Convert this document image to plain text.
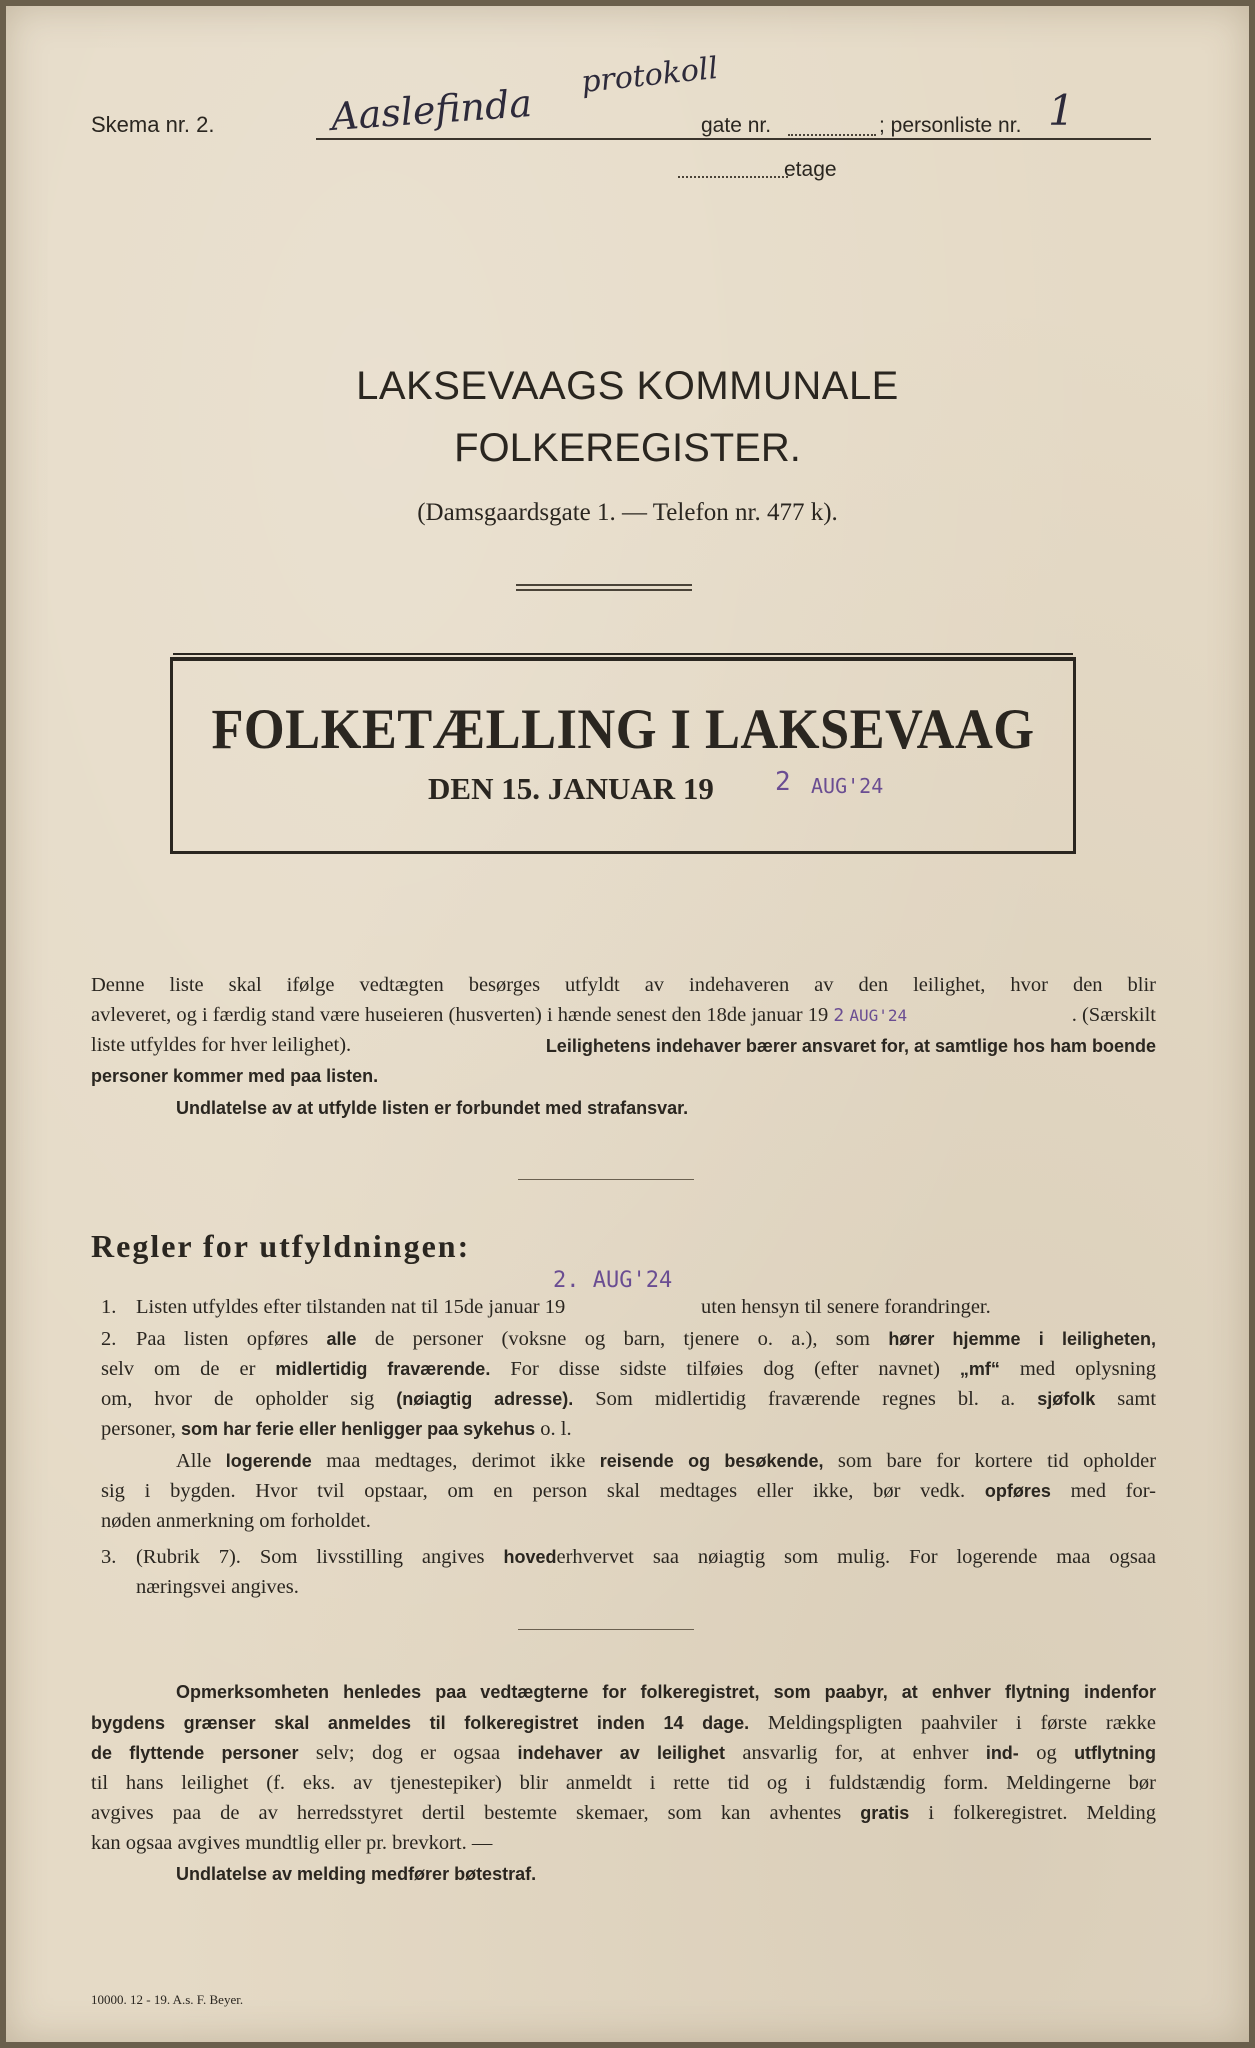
Skema nr. 2.	Aaslefinda
protokoll
gate nr.	; personliste nr. 1
etage
LAKSEVAAGS KOMMUNALE
FOLKEREGISTER.
(Damsgaardsgate 1. — Telefon nr. 477 k).
FOLKETÆLLING I LAKSEVAAG
DEN 15. JANUAR 19 2 AUG'24
Denne liste skal ifølge vedtægten besørges utfyldt av indehaveren av den leilighet, hvor den blir
avleveret, og i færdig stand være huseieren (husverten) i hænde senest den 18de januar 19 2 AUG'24	. (Særskilt
liste utfyldes for hver leilighet).	Leilighetens indehaver bærer ansvaret for, at samtlige hos ham boende
personer kommer med paa listen.
Undlatelse av at utfylde listen er forbundet med strafansvar.
Regler for utfyldningen:
2. AUG'24
1. Listen utfyldes efter tilstanden nat til 15de januar 19	uten hensyn til senere forandringer.
2. Paa listen opføres alle de personer (voksne og barn, tjenere o. a.), som hører hjemme i leiligheten,
selv om de er midlertidig fraværende. For disse sidste tilføies dog (efter navnet) „mf“ med oplysning
om, hvor de opholder sig (nøiagtig adresse). Som midlertidig fraværende regnes bl. a. sjøfolk samt
personer, som har ferie eller henligger paa sykehus o. l.
Alle logerende maa medtages, derimot ikke reisende og besøkende, som bare for kortere tid opholder
sig i bygden. Hvor tvil opstaar, om en person skal medtages eller ikke, bør vedk. opføres med for-
nøden anmerkning om forholdet.
3. (Rubrik 7). Som livsstilling angives hovederhvervet saa nøiagtig som mulig. For logerende maa ogsaa
næringsvei angives.
Opmerksomheten henledes paa vedtægterne for folkeregistret, som paabyr, at enhver flytning indenfor
bygdens grænser skal anmeldes til folkeregistret inden 14 dage. Meldingspligten paahviler i første række
de flyttende personer selv; dog er ogsaa indehaver av leilighet ansvarlig for, at enhver ind- og utflytning
til hans leilighet (f. eks. av tjenestepiker) blir anmeldt i rette tid og i fuldstændig form. Meldingerne bør
avgives paa de av herredsstyret dertil bestemte skemaer, som kan avhentes gratis i folkeregistret. Melding
kan ogsaa avgives mundtlig eller pr. brevkort. —
Undlatelse av melding medfører bøtestraf.
10000. 12 - 19. A.s. F. Beyer.
